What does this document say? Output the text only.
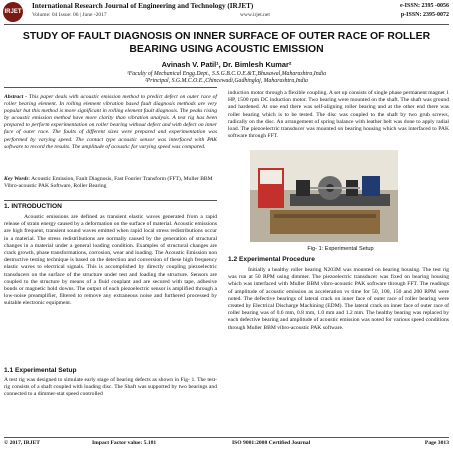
IRJET
International Research Journal of Engineering and Technology (IRJET)
Volume: 04 Issue: 06 | June -2017	www.irjet.net
e-ISSN: 2395 -0056
p-ISSN: 2395-0072
STUDY OF FAULT DIAGNOSIS ON INNER SURFACE OF OUTER RACE OF ROLLER BEARING USING ACOUSTIC EMISSION
Avinash V. Patil¹, Dr. Bimlesh Kumar²
¹Faculty of Mechanical Engg.Dept., S.S.G.B.C.O.E.&T.,Bhusawal,Maharashtra,India
²Principal, S.G.M.C.O.E.,Chincewadi,Gadhinglaj, Maharashtra,India
Abstract - This paper deals with acoustic emission method to predict defect on outer race of roller bearing element. In rolling element vibration based fault diagnosis methods are very popular but this method is more significant in rolling element fault diagnosis. The peaks rising by acoustic emission method have more clarity than vibration analysis. A test rig has been prepared to perform experimentation on roller bearing without defect and with defect on inner face of outer race. The faults of different sizes were prepared and experimentation was performed by varying speed. The contact type acoustic sensor was interfaced with PAK software to record the results. The amplitude of acoustic for varying speed was compared.
Key Words: Acoustic Emission, Fault Diagnosis, Fast Fourier Transform (FFT), Muller BBM Vibro-acoustic PAK Software, Roller Bearing
1. INTRODUCTION
Acoustic emissions are defined as transient elastic waves generated from a rapid release of strain energy caused by a deformation on the surface of material. Acoustic emissions are high frequent, transient sound waves emitted when rapid local stress redistributions occur in a material. The stress redistributions are normally caused by the generation of structural changes in a material under a general loading condition. Examples of structural changes are crack growth, phase transformations, corrosion, wear and loading. The Acoustic Emission non destructive testing technique is based on the detection and conversion of these high frequency elastic waves to electrical signals. This is accomplished by directly coupling piezoelectric transducers on the surface of the structure under test and loading the structure. Sensors are coupled to the structure by means of a fluid couplant and are secured with tape, adhesive bonds or magnetic hold downs. The output of each piezoelectric sensor is amplified through a low-noise preamplifier, filtered to remove any extraneous noise and furthered processed by suitable electronic equipment.
1.1 Experimental Setup
A test rig was designed to simulate early stage of bearing defects as shown in Fig- 1. The test-rig consists of a shaft coupled with loading disc. The Shaft was supported by two bearings and connected to a dimmer-stat speed controlled
induction motor through a flexible coupling. A set up consists of single phase permanent magnet 1 HP, 1500 rpm DC induction motor. Two bearing were mounted on the shaft. The shaft was ground and hardened. At one end there was self-aligning roller bearing and at the other end there was roller bearing which is to be tested. The disc was coupled to the shaft by two grub screws, radically on the disc. An arrangement of spring balance with leather belt was done to apply radial load. The piezoelectric transducer was mounted on bearing housing which was interfaced to PAK software through FFT.
Fig- 1: Experimental Setup
1.2 Experimental Procedure
Initially a healthy roller bearing N203M was mounted on bearing housing. The test rig was run at 50 RPM using dimmer. The piezoelectric transducer was fixed on bearing housing which was interfaced with Muller BBM vibro-acoustic PAK software through FFT. The readings of amplitude of acoustic emission as acceleration vs time for 50, 100, 150 and 200 RPM were noted. The defective bearings of lateral crack on inner face of outer race of roller bearing were created by Electrical Discharge Machining (EDM). The lateral crack on inner face of outer race of roller bearing was of 0.6 mm, 0.8 mm, 1.0 mm and 1.2 mm. The healthy bearing was replaced by each defective bearing and amplitude of acoustic emission was noted for various speed conditions through Muller BBM vibro-acoustic PAK software.
© 2017, IRJET	Impact Factor value: 5.181	ISO 9001:2008 Certified Journal	Page 3013
